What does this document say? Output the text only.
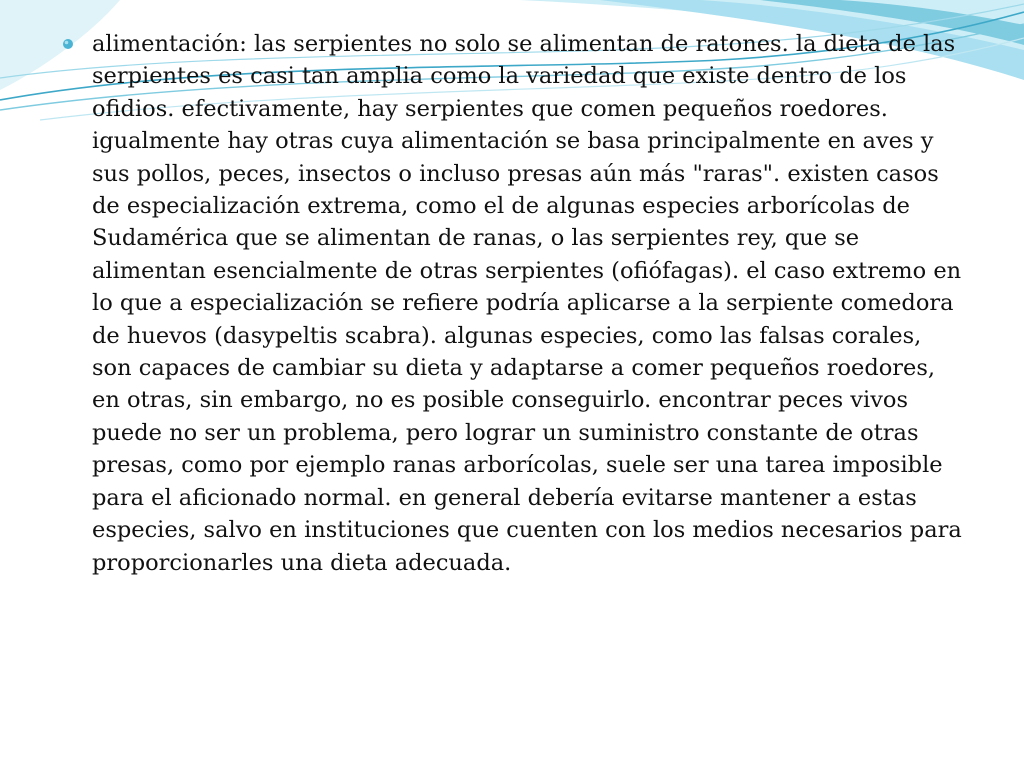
alimentación: las serpientes no solo se alimentan de ratones. la dieta de las serpientes es casi tan amplia como la variedad que existe dentro de los ofidios. efectivamente, hay serpientes que comen pequeños roedores. igualmente hay otras cuya alimentación se basa principalmente en aves y sus pollos, peces, insectos o incluso presas aún más "raras". existen casos de especialización extrema, como el de algunas especies arborícolas de Sudamérica que se alimentan de ranas, o las serpientes rey, que se alimentan esencialmente de otras serpientes (ofiófagas). el caso extremo en lo que a especialización se refiere podría aplicarse a la serpiente comedora de huevos (dasypeltis scabra). algunas especies, como las falsas corales, son capaces de cambiar su dieta y adaptarse a comer pequeños roedores, en otras, sin embargo, no es posible conseguirlo. encontrar peces vivos puede no ser un problema, pero lograr un suministro constante de otras presas, como por ejemplo ranas arborícolas, suele ser una tarea imposible para el aficionado normal. en general debería evitarse mantener a estas especies, salvo en instituciones que cuenten con los medios necesarios para proporcionarles una dieta adecuada.
